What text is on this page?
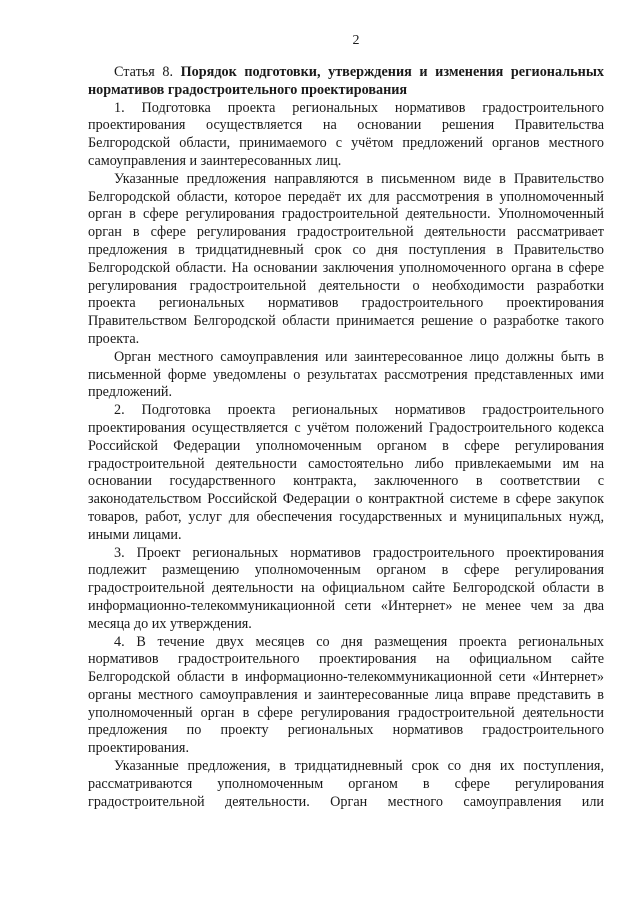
2

Статья 8. Порядок подготовки, утверждения и изменения региональных нормативов градостроительного проектирования

1. Подготовка проекта региональных нормативов градостроительного проектирования осуществляется на основании решения Правительства Белгородской области, принимаемого с учётом предложений органов местного самоуправления и заинтересованных лиц.

Указанные предложения направляются в письменном виде в Правительство Белгородской области, которое передаёт их для рассмотрения в уполномоченный орган в сфере регулирования градостроительной деятельности. Уполномоченный орган в сфере регулирования градостроительной деятельности рассматривает предложения в тридцатидневный срок со дня поступления в Правительство Белгородской области. На основании заключения уполномоченного органа в сфере регулирования градостроительной деятельности о необходимости разработки проекта региональных нормативов градостроительного проектирования Правительством Белгородской области принимается решение о разработке такого проекта.

Орган местного самоуправления или заинтересованное лицо должны быть в письменной форме уведомлены о результатах рассмотрения представленных ими предложений.

2. Подготовка проекта региональных нормативов градостроительного проектирования осуществляется с учётом положений Градостроительного кодекса Российской Федерации уполномоченным органом в сфере регулирования градостроительной деятельности самостоятельно либо привлекаемыми им на основании государственного контракта, заключенного в соответствии с законодательством Российской Федерации о контрактной системе в сфере закупок товаров, работ, услуг для обеспечения государственных и муниципальных нужд, иными лицами.

3. Проект региональных нормативов градостроительного проектирования подлежит размещению уполномоченным органом в сфере регулирования градостроительной деятельности на официальном сайте Белгородской области в информационно-телекоммуникационной сети «Интернет» не менее чем за два месяца до их утверждения.

4. В течение двух месяцев со дня размещения проекта региональных нормативов градостроительного проектирования на официальном сайте Белгородской области в информационно-телекоммуникационной сети «Интернет» органы местного самоуправления и заинтересованные лица вправе представить в уполномоченный орган в сфере регулирования градостроительной деятельности предложения по проекту региональных нормативов градостроительного проектирования.

Указанные предложения, в тридцатидневный срок со дня их поступления, рассматриваются уполномоченным органом в сфере регулирования градостроительной деятельности. Орган местного самоуправления или
